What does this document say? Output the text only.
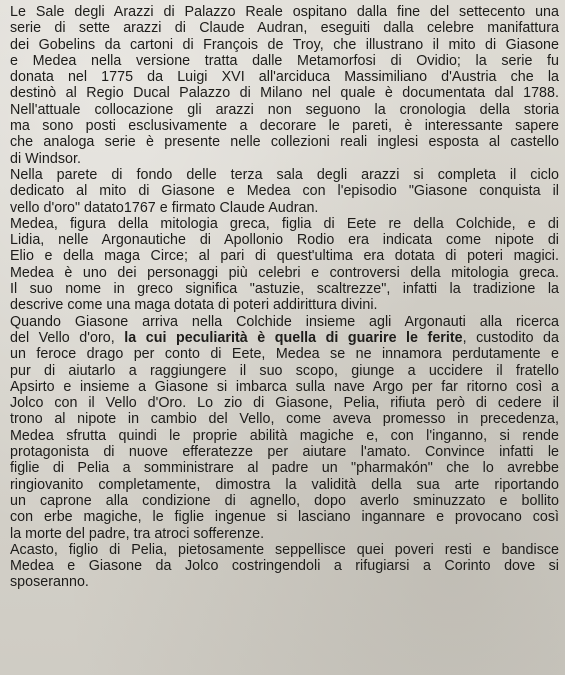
Le Sale degli Arazzi di Palazzo Reale ospitano dalla fine del settecento una
serie di sette arazzi di Claude Audran, eseguiti dalla celebre manifattura
dei Gobelins da cartoni di François de Troy, che illustrano il mito di Giasone
e Medea nella versione tratta dalle Metamorfosi di Ovidio; la serie fu
donata nel 1775 da Luigi XVI all'arciduca Massimiliano d'Austria che la
destinò al Regio Ducal Palazzo di Milano nel quale è documentata dal 1788.
Nell'attuale collocazione gli arazzi non seguono la cronologia della storia
ma sono posti esclusivamente a decorare le pareti, è interessante sapere
che analoga serie è presente nelle collezioni reali inglesi esposta al castello
di Windsor.
Nella parete di fondo delle terza sala degli arazzi si completa il ciclo
dedicato al mito di Giasone e Medea con l'episodio "Giasone conquista il
vello d'oro" datato1767 e firmato Claude Audran.
Medea, figura della mitologia greca, figlia di Eete re della Colchide, e di
Lidia, nelle Argonautiche di Apollonio Rodio era indicata come nipote di
Elio e della maga Circe; al pari di quest'ultima era dotata di poteri magici.
Medea è uno dei personaggi più celebri e controversi della mitologia greca.
Il suo nome in greco significa "astuzie, scaltrezze", infatti la tradizione la
descrive come una maga dotata di poteri addirittura divini.
Quando Giasone arriva nella Colchide insieme agli Argonauti alla ricerca
del Vello d'oro, la cui peculiarità è quella di guarire le ferite, custodito da
un feroce drago per conto di Eete, Medea se ne innamora perdutamente e
pur di aiutarlo a raggiungere il suo scopo, giunge a uccidere il fratello
Apsirto e insieme a Giasone si imbarca sulla nave Argo per far ritorno così a
Jolco con il Vello d'Oro. Lo zio di Giasone, Pelia, rifiuta però di cedere il
trono al nipote in cambio del Vello, come aveva promesso in precedenza,
Medea sfrutta quindi le proprie abilità magiche e, con l'inganno, si rende
protagonista di nuove efferatezze per aiutare l'amato. Convince infatti le
figlie di Pelia a somministrare al padre un "pharmakón" che lo avrebbe
ringiovanito completamente, dimostra la validità della sua arte riportando
un caprone alla condizione di agnello, dopo averlo sminuzzato e bollito
con erbe magiche, le figlie ingenue si lasciano ingannare e provocano così
la morte del padre, tra atroci sofferenze.
Acasto, figlio di Pelia, pietosamente seppellisce quei poveri resti e bandisce
Medea e Giasone da Jolco costringendoli a rifugiarsi a Corinto dove si
sposeranno.
